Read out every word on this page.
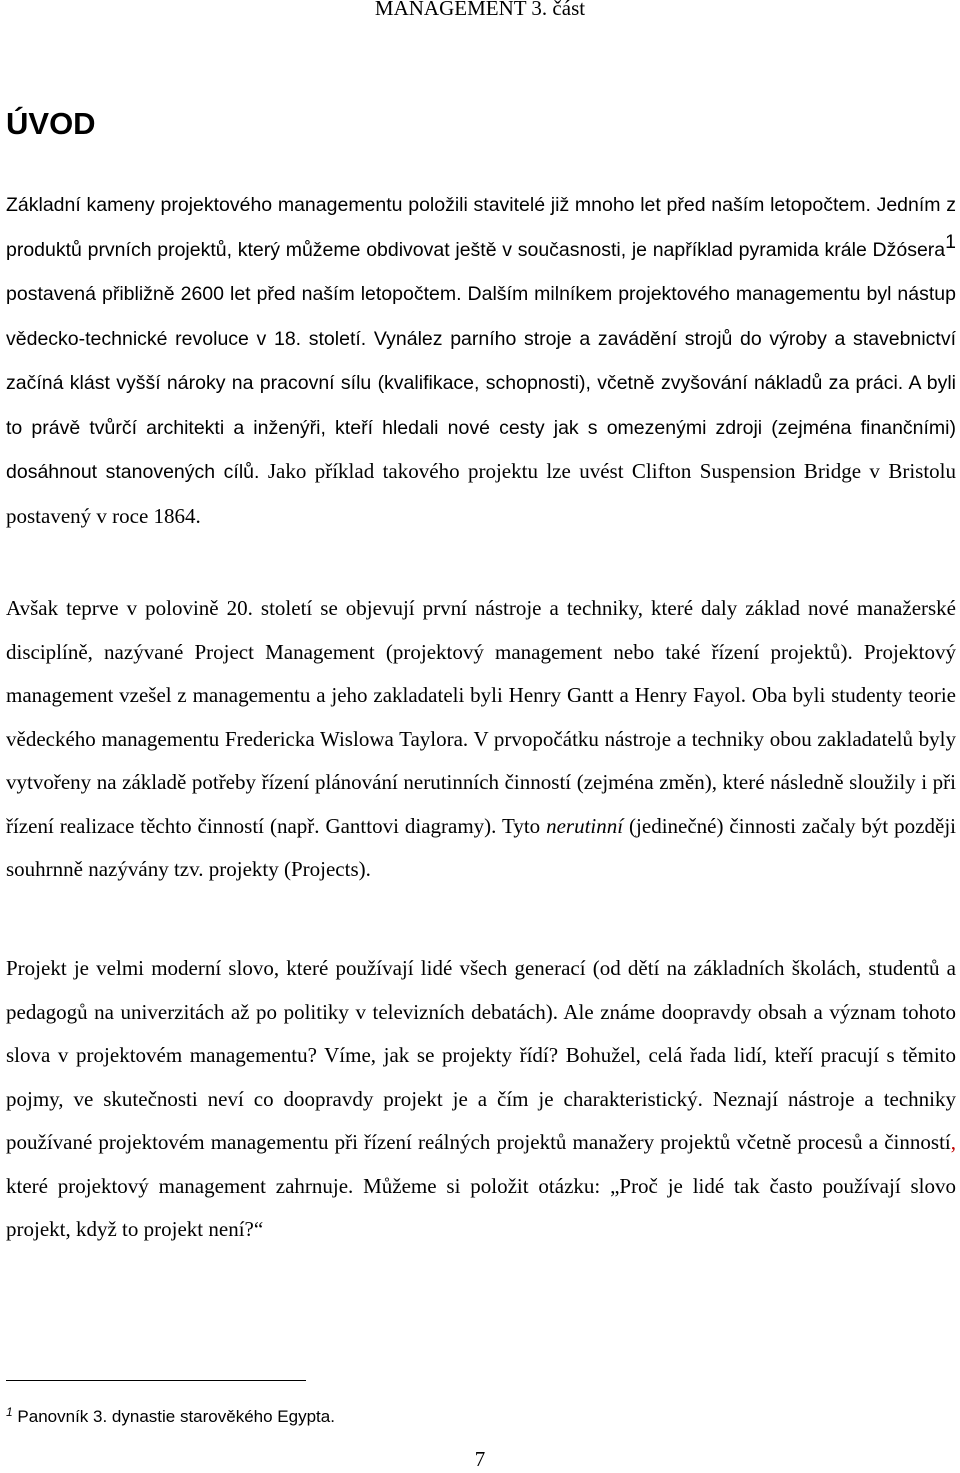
MANAGEMENT 3. část
ÚVOD

Základní kameny projektového managementu položili stavitelé již mnoho let před naším letopočtem. Jedním z produktů prvních projektů, který můžeme obdivovat ještě v současnosti, je například pyramida krále Džósera$^1$ postavená přibližně 2600 let před naším letopočtem. Dalším milníkem projektového managementu byl nástup vědecko-technické revoluce v 18. století. Vynález parního stroje a zavádění strojů do výroby a stavebnictví začíná klást vyšší nároky na pracovní sílu (kvalifikace, schopnosti), včetně zvyšování nákladů za práci. A byli to právě tvůrčí architekti a inženýři, kteří hledali nové cesty jak s omezenými zdroji (zejména finančními) dosáhnout stanovených cílů. Jako příklad takového projektu lze uvést Clifton Suspension Bridge v Bristolu postavený v roce 1864.

Avšak teprve v polovině 20. století se objevují první nástroje a techniky, které daly základ nové manažerské disciplíně, nazývané Project Management (projektový management nebo také řízení projektů). Projektový management vzešel z managementu a jeho zakladateli byli Henry Gantt a Henry Fayol. Oba byli studenty teorie vědeckého managementu Fredericka Wislowa Taylora. V prvopočátku nástroje a techniky obou zakladatelů byly vytvořeny na základě potřeby řízení plánování nerutinních činností (zejména změn), které následně sloužily i při řízení realizace těchto činností (např. Ganttovi diagramy). Tyto nerutinní (jedinečné) činnosti začaly být později souhrnně nazývány tzv. projekty (Projects).

Projekt je velmi moderní slovo, které používají lidé všech generací (od dětí na základních školách, studentů a pedagogů na univerzitách až po politiky v televizních debatách). Ale známe doopravdy obsah a význam tohoto slova v projektovém managementu? Víme, jak se projekty řídí? Bohužel, celá řada lidí, kteří pracují s těmito pojmy, ve skutečnosti neví co doopravdy projekt je a čím je charakteristický. Neznají nástroje a techniky používané projektovém managementu při řízení reálných projektů manažery projektů včetně procesů a činností, které projektový management zahrnuje. Můžeme si položit otázku: „Proč je lidé tak často používají slovo projekt, když to projekt není?“

$^1$ Panovník 3. dynastie starověkého Egypta.
7
